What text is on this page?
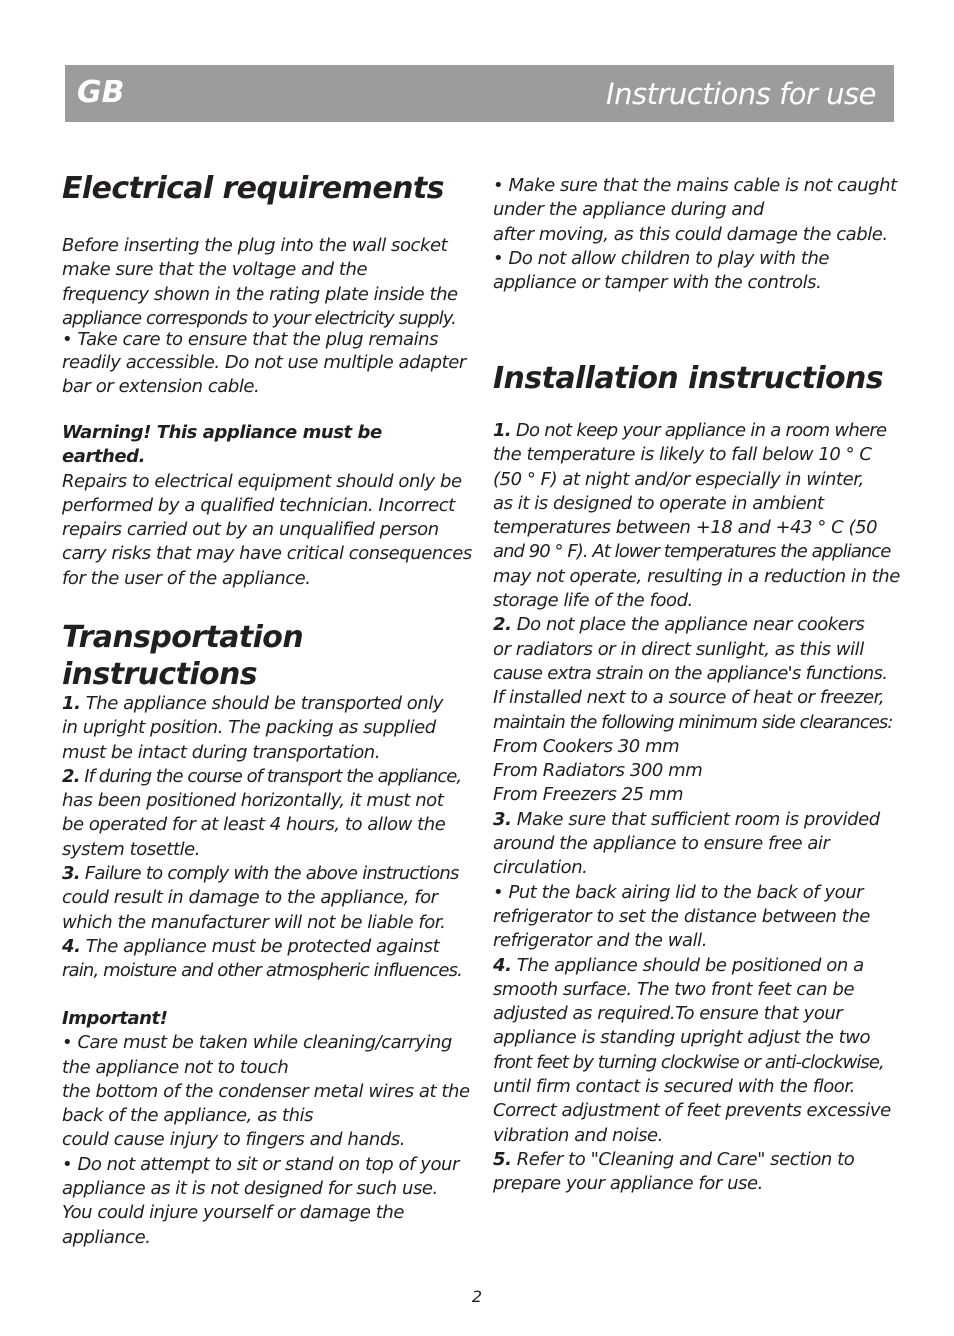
GB	Instructions for use
Electrical requirements
Before inserting the plug into the wall socket
make sure that the voltage and the
frequency shown in the rating plate inside the
appliance corresponds to your electricity supply.
• Take care to ensure that the plug remains
readily accessible. Do not use multiple adapter
bar or extension cable.
Warning! This appliance must be
earthed.
Repairs to electrical equipment should only be
performed by a qualified technician. Incorrect
repairs carried out by an unqualified person
carry risks that may have critical consequences
for the user of the appliance.
Transportation
instructions
1. The appliance should be transported only
in upright position. The packing as supplied
must be intact during transportation.
2. If during the course of transport the appliance,
has been positioned horizontally, it must not
be operated for at least 4 hours, to allow the
system tosettle.
3. Failure to comply with the above instructions
could result in damage to the appliance, for
which the manufacturer will not be liable for.
4. The appliance must be protected against
rain, moisture and other atmospheric influences.
Important!
• Care must be taken while cleaning/carrying
the appliance not to touch
the bottom of the condenser metal wires at the
back of the appliance, as this
could cause injury to fingers and hands.
• Do not attempt to sit or stand on top of your
appliance as it is not designed for such use.
You could injure yourself or damage the
appliance.
• Make sure that the mains cable is not caught
under the appliance during and
after moving, as this could damage the cable.
• Do not allow children to play with the
appliance or tamper with the controls.
Installation instructions
1. Do not keep your appliance in a room where
the temperature is likely to fall below 10 ° C
(50 ° F) at night and/or especially in winter,
as it is designed to operate in ambient
temperatures between +18 and +43 ° C (50
and 90 ° F). At lower temperatures the appliance
may not operate, resulting in a reduction in the
storage life of the food.
2. Do not place the appliance near cookers
or radiators or in direct sunlight, as this will
cause extra strain on the appliance's functions.
If installed next to a source of heat or freezer,
maintain the following minimum side clearances:
From Cookers 30 mm
From Radiators 300 mm
From Freezers 25 mm
3. Make sure that sufficient room is provided
around the appliance to ensure free air
circulation.
• Put the back airing lid to the back of your
refrigerator to set the distance between the
refrigerator and the wall.
4. The appliance should be positioned on a
smooth surface. The two front feet can be
adjusted as required.To ensure that your
appliance is standing upright adjust the two
front feet by turning clockwise or anti-clockwise,
until firm contact is secured with the floor.
Correct adjustment of feet prevents excessive
vibration and noise.
5. Refer to "Cleaning and Care" section to
prepare your appliance for use.
2
